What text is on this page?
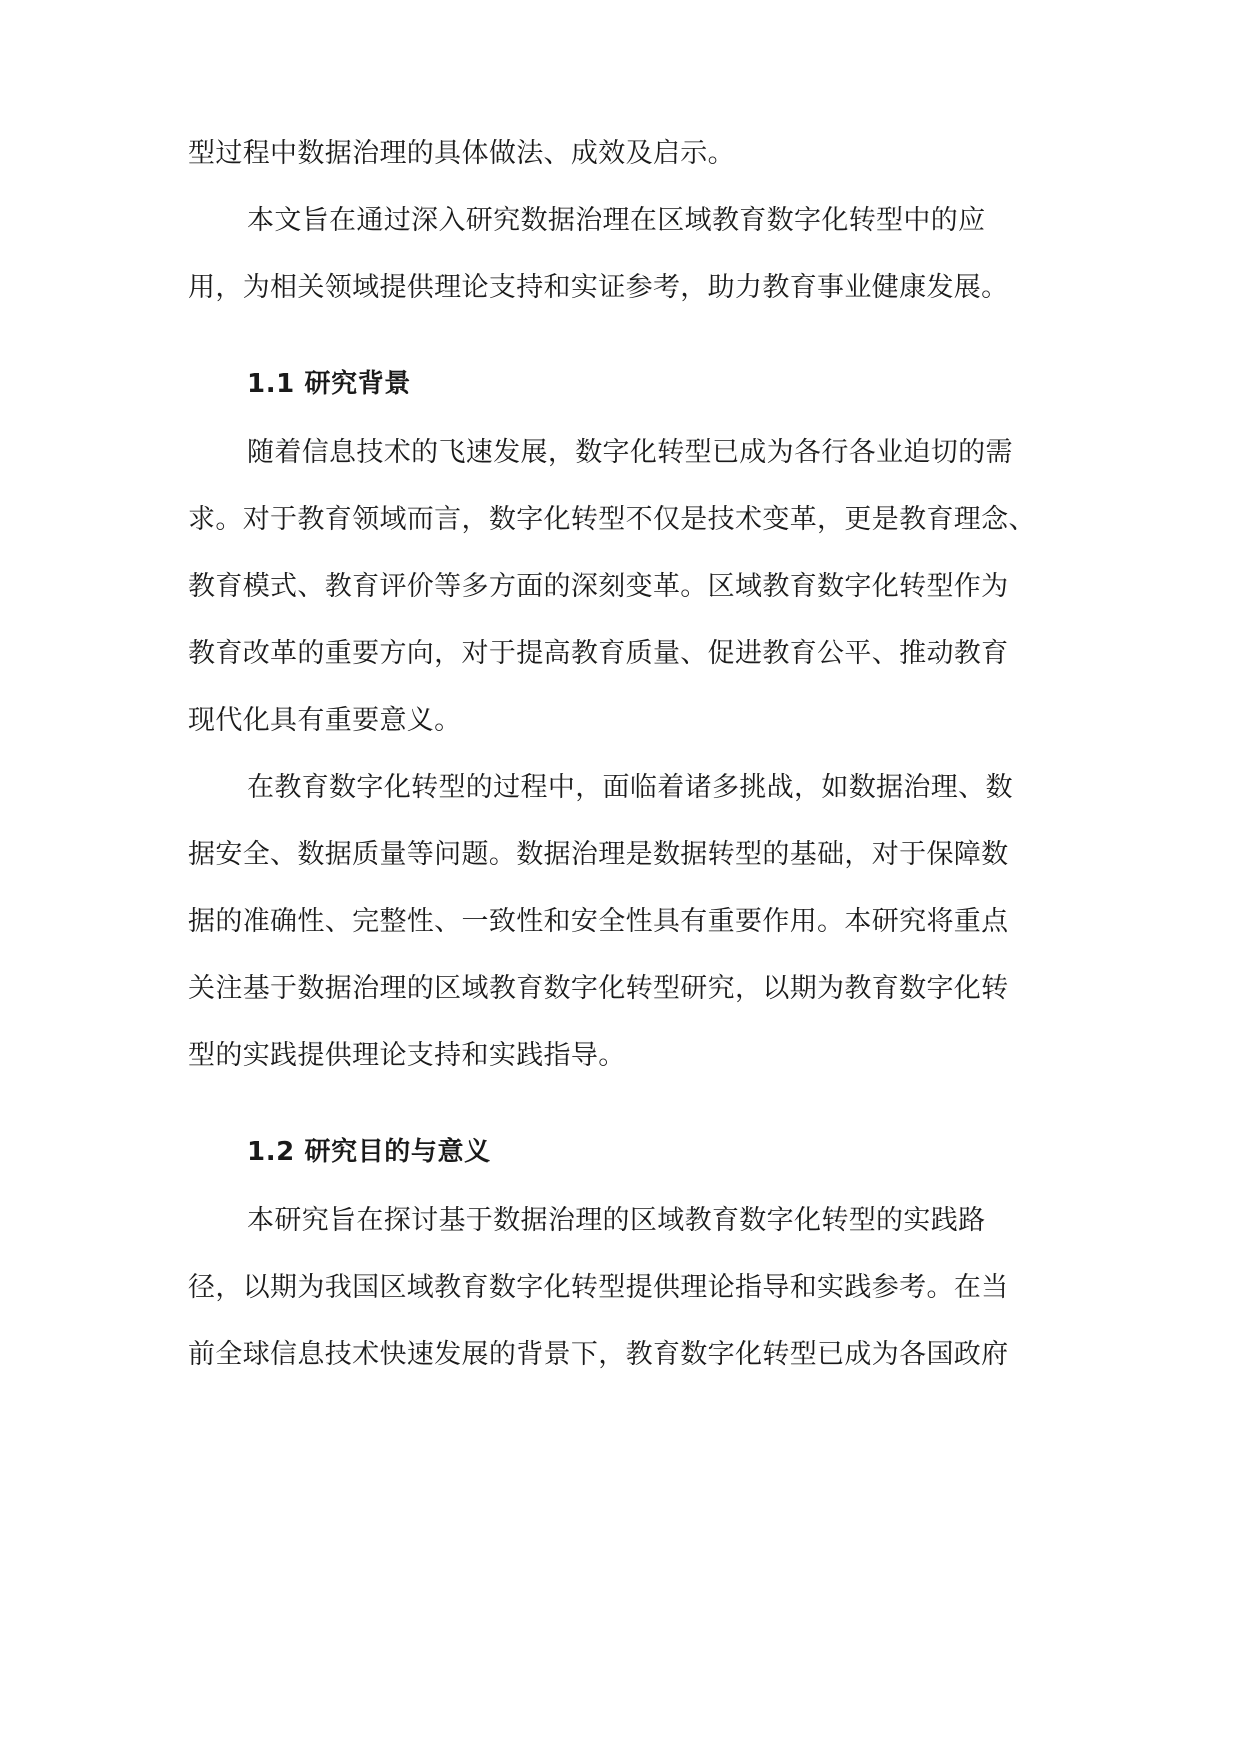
型过程中数据治理的具体做法、成效及启示。
本文旨在通过深入研究数据治理在区域教育数字化转型中的应
用，为相关领域提供理论支持和实证参考，助力教育事业健康发展。
1.1 研究背景
随着信息技术的飞速发展，数字化转型已成为各行各业迫切的需
求。对于教育领域而言，数字化转型不仅是技术变革，更是教育理念、
教育模式、教育评价等多方面的深刻变革。区域教育数字化转型作为
教育改革的重要方向，对于提高教育质量、促进教育公平、推动教育
现代化具有重要意义。
在教育数字化转型的过程中，面临着诸多挑战，如数据治理、数
据安全、数据质量等问题。数据治理是数据转型的基础，对于保障数
据的准确性、完整性、一致性和安全性具有重要作用。本研究将重点
关注基于数据治理的区域教育数字化转型研究，以期为教育数字化转
型的实践提供理论支持和实践指导。
1.2 研究目的与意义
本研究旨在探讨基于数据治理的区域教育数字化转型的实践路
径，以期为我国区域教育数字化转型提供理论指导和实践参考。在当
前全球信息技术快速发展的背景下，教育数字化转型已成为各国政府
